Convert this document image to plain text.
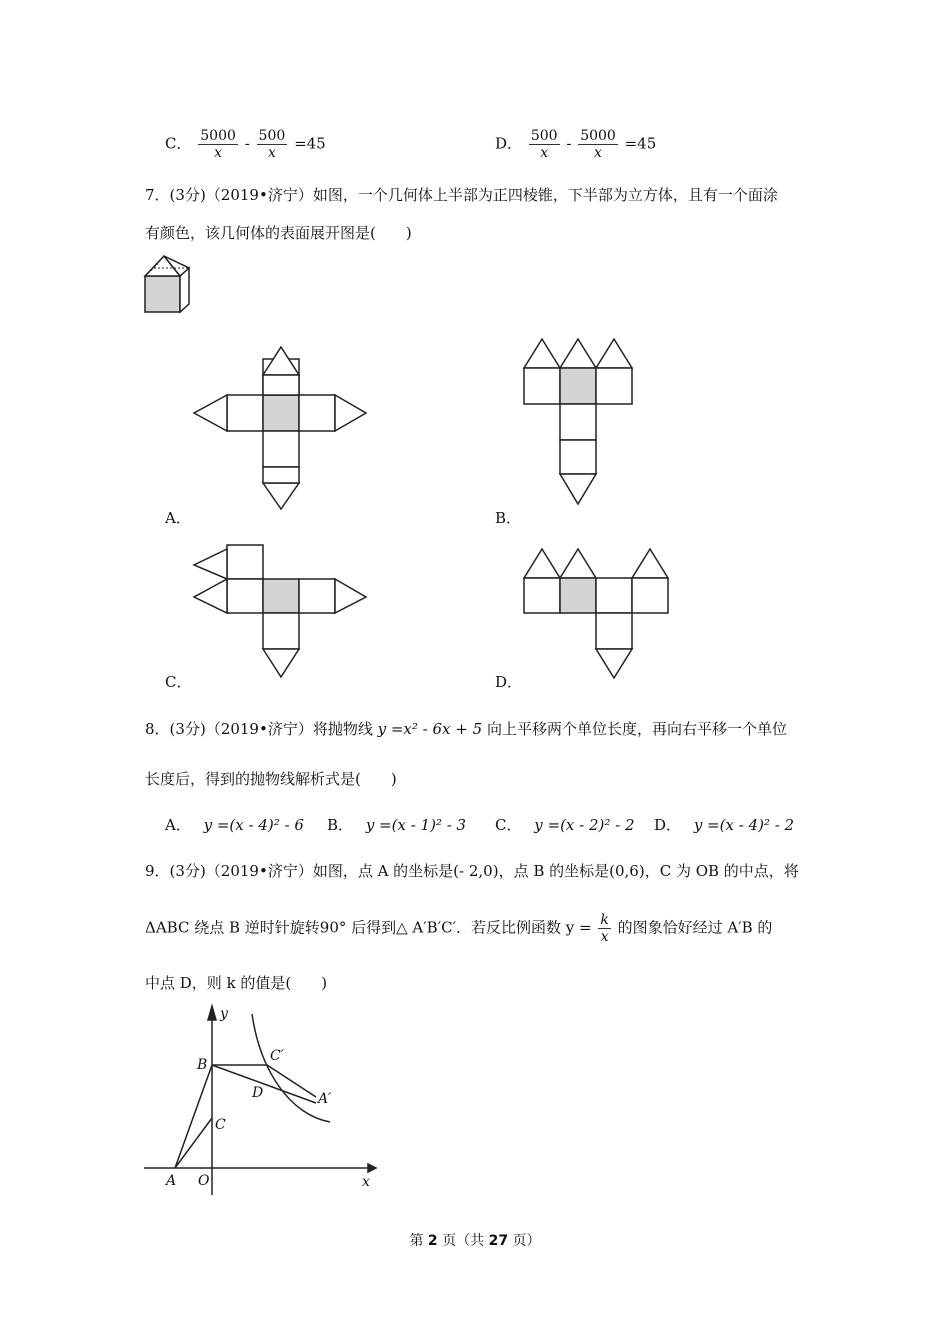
C． $\frac{5000}{x} - \frac{500}{x} =45$	D． $\frac{500}{x} - \frac{5000}{x} =45$
7．(3分)（2019•济宁）如图，一个几何体上半部为正四棱锥，下半部为立方体，且有一个面涂
有颜色，该几何体的表面展开图是(　　)
A．	B．
C．	D．
8．(3分)（2019•济宁）将抛物线 y =x² - 6x + 5 向上平移两个单位长度，再向右平移一个单位
长度后，得到的抛物线解析式是(　　)
A． y =(x - 4)² - 6 B． y =(x - 1)² - 3 C． y =(x - 2)² - 2 D． y =(x - 4)² - 2
9．(3分)（2019•济宁）如图，点 A 的坐标是(- 2,0)，点 B 的坐标是(0,6)，C 为 OB 的中点，将
ΔABC 绕点 B 逆时针旋转90° 后得到△ A′B′C′．若反比例函数 $y = \frac{k}{x}$ 的图象恰好经过 A′B 的
中点 D，则 k 的值是(　　)
y
B
C′
D	A′
C
A O	x
第 2 页（共 27 页）
